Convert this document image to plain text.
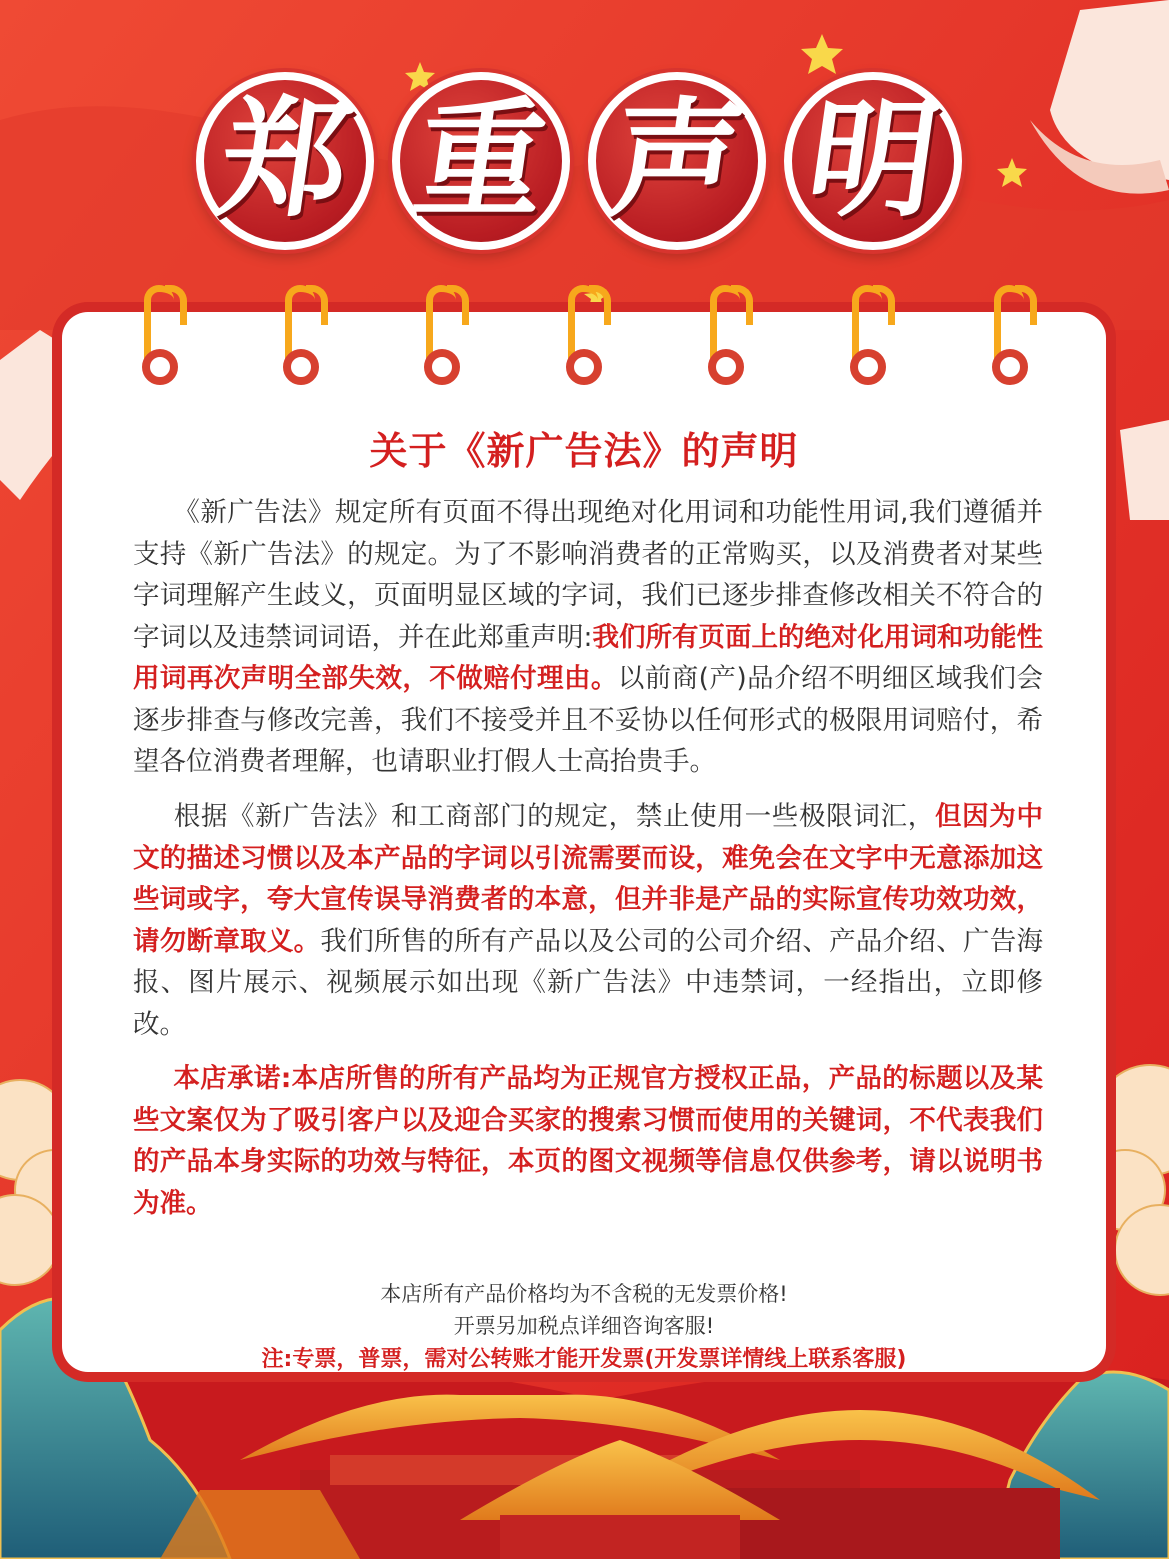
郑 重 声 明
关于《新广告法》的声明
《新广告法》规定所有页面不得出现绝对化用词和功能性用词,我们遵循并支持《新广告法》的规定。为了不影响消费者的正常购买，以及消费者对某些字词理解产生歧义，页面明显区域的字词，我们已逐步排查修改相关不符合的字词以及违禁词词语，并在此郑重声明:我们所有页面上的绝对化用词和功能性用词再次声明全部失效，不做赔付理由。以前商(产)品介绍不明细区域我们会逐步排查与修改完善，我们不接受并且不妥协以任何形式的极限用词赔付，希望各位消费者理解，也请职业打假人士高抬贵手。
根据《新广告法》和工商部门的规定，禁止使用一些极限词汇，但因为中文的描述习惯以及本产品的字词以引流需要而设，难免会在文字中无意添加这些词或字，夸大宣传误导消费者的本意，但并非是产品的实际宣传功效功效，请勿断章取义。我们所售的所有产品以及公司的公司介绍、产品介绍、广告海报、图片展示、视频展示如出现《新广告法》中违禁词，一经指出，立即修改。
本店承诺:本店所售的所有产品均为正规官方授权正品，产品的标题以及某些文案仅为了吸引客户以及迎合买家的搜索习惯而使用的关键词，不代表我们的产品本身实际的功效与特征，本页的图文视频等信息仅供参考，请以说明书为准。
本店所有产品价格均为不含税的无发票价格!
开票另加税点详细咨询客服!
注:专票，普票，需对公转账才能开发票(开发票详情线上联系客服)
